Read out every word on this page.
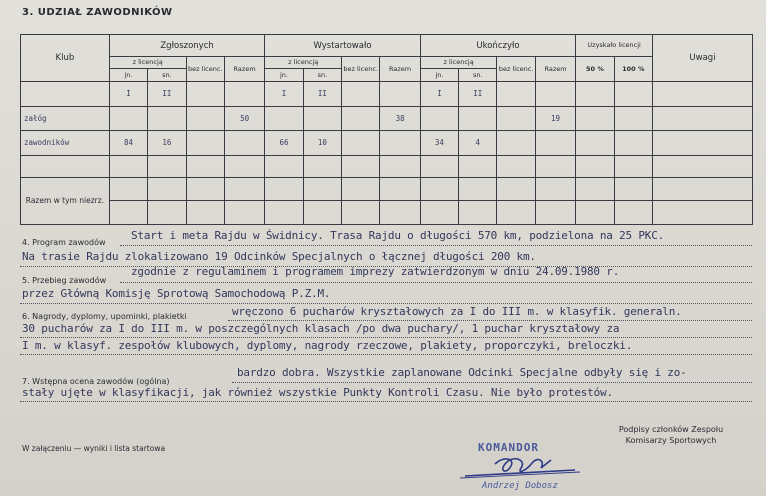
3. UDZIAŁ ZAWODNIKÓW
Klub	Zgłoszonych				Wystartowało				Ukończyło				Uzyskało licencji		Uwagi
	z licencją		bez licenc.	Razem	z licencją		bez licenc.	Razem	z licencją		bez licenc.	Razem	50 %	100 %	
	jn.	sn.			jn.	sn.			jn.	sn.					
	I	II			I	II			I	II					
załóg				50				38				19			
zawodników	84	16			66	10			34	4					

Razem w tym niezrz.															

4. Program zawodów
Start i meta Rajdu w Świdnicy. Trasa Rajdu o długości 570 km, podzielona na 25 PKC.
Na trasie Rajdu zlokalizowano 19 Odcinków Specjalnych o łącznej długości 200 km.
5. Przebieg zawodów
zgodnie z regulaminem i programem imprezy zatwierdzonym w dniu 24.09.1980 r.
przez Główną Komisję Sprotową Samochodową P.Z.M.
6. Nagrody, dyplomy, upominki, plakietki	wręczono 6 pucharów kryształowych za I do III m. w klasyfik. generaln.
30 pucharów za I do III m. w poszczególnych klasach /po dwa puchary/, 1 puchar kryształowy za
I m. w klasyf. zespołów klubowych, dyplomy, nagrody rzeczowe, plakiety, proporczyki, breloczki.
7. Wstępna ocena zawodów (ogólna)
bardzo dobra. Wszystkie zaplanowane Odcinki Specjalne odbyły się i zo-
stały ujęte w klasyfikacji, jak również wszystkie Punkty Kontroli Czasu. Nie było protestów.
W załączeniu — wyniki i lista startowa
Podpisy członków Zespołu
Komisarzy Sportowych
KOMANDOR
Andrzej Dobosz
